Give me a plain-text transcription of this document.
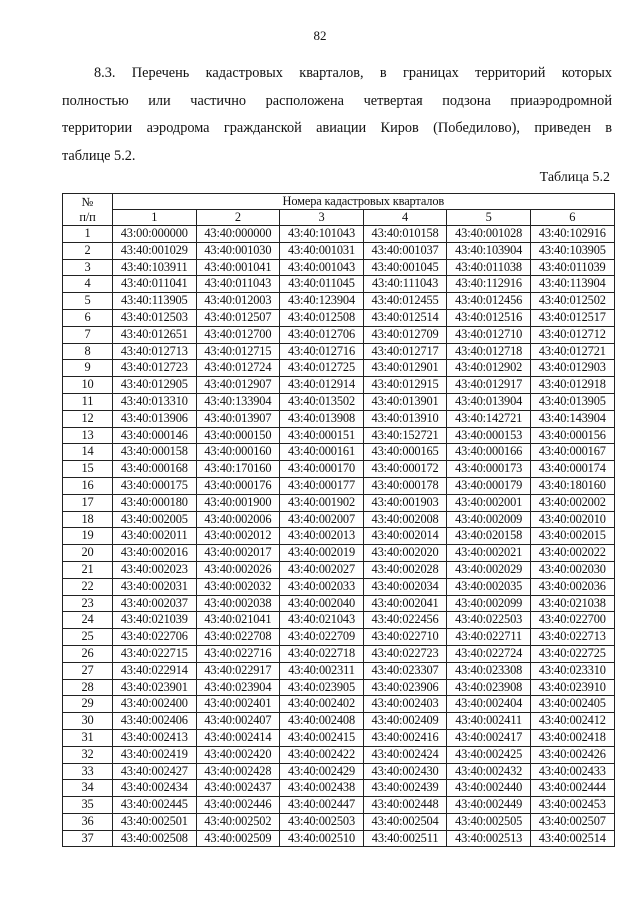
82
8.3. Перечень кадастровых кварталов, в границах территорий которых
полностью или частично расположена четвертая подзона приаэродромной
территории аэродрома гражданской авиации Киров (Победилово), приведен в
таблице 5.2.
Таблица 5.2
№
п/п	Номера кадастровых кварталов					
	1	2	3	4	5	6
1	43:00:000000	43:40:000000	43:40:101043	43:40:010158	43:40:001028	43:40:102916
2	43:40:001029	43:40:001030	43:40:001031	43:40:001037	43:40:103904	43:40:103905
3	43:40:103911	43:40:001041	43:40:001043	43:40:001045	43:40:011038	43:40:011039
4	43:40:011041	43:40:011043	43:40:011045	43:40:111043	43:40:112916	43:40:113904
5	43:40:113905	43:40:012003	43:40:123904	43:40:012455	43:40:012456	43:40:012502
6	43:40:012503	43:40:012507	43:40:012508	43:40:012514	43:40:012516	43:40:012517
7	43:40:012651	43:40:012700	43:40:012706	43:40:012709	43:40:012710	43:40:012712
8	43:40:012713	43:40:012715	43:40:012716	43:40:012717	43:40:012718	43:40:012721
9	43:40:012723	43:40:012724	43:40:012725	43:40:012901	43:40:012902	43:40:012903
10	43:40:012905	43:40:012907	43:40:012914	43:40:012915	43:40:012917	43:40:012918
11	43:40:013310	43:40:133904	43:40:013502	43:40:013901	43:40:013904	43:40:013905
12	43:40:013906	43:40:013907	43:40:013908	43:40:013910	43:40:142721	43:40:143904
13	43:40:000146	43:40:000150	43:40:000151	43:40:152721	43:40:000153	43:40:000156
14	43:40:000158	43:40:000160	43:40:000161	43:40:000165	43:40:000166	43:40:000167
15	43:40:000168	43:40:170160	43:40:000170	43:40:000172	43:40:000173	43:40:000174
16	43:40:000175	43:40:000176	43:40:000177	43:40:000178	43:40:000179	43:40:180160
17	43:40:000180	43:40:001900	43:40:001902	43:40:001903	43:40:002001	43:40:002002
18	43:40:002005	43:40:002006	43:40:002007	43:40:002008	43:40:002009	43:40:002010
19	43:40:002011	43:40:002012	43:40:002013	43:40:002014	43:40:020158	43:40:002015
20	43:40:002016	43:40:002017	43:40:002019	43:40:002020	43:40:002021	43:40:002022
21	43:40:002023	43:40:002026	43:40:002027	43:40:002028	43:40:002029	43:40:002030
22	43:40:002031	43:40:002032	43:40:002033	43:40:002034	43:40:002035	43:40:002036
23	43:40:002037	43:40:002038	43:40:002040	43:40:002041	43:40:002099	43:40:021038
24	43:40:021039	43:40:021041	43:40:021043	43:40:022456	43:40:022503	43:40:022700
25	43:40:022706	43:40:022708	43:40:022709	43:40:022710	43:40:022711	43:40:022713
26	43:40:022715	43:40:022716	43:40:022718	43:40:022723	43:40:022724	43:40:022725
27	43:40:022914	43:40:022917	43:40:002311	43:40:023307	43:40:023308	43:40:023310
28	43:40:023901	43:40:023904	43:40:023905	43:40:023906	43:40:023908	43:40:023910
29	43:40:002400	43:40:002401	43:40:002402	43:40:002403	43:40:002404	43:40:002405
30	43:40:002406	43:40:002407	43:40:002408	43:40:002409	43:40:002411	43:40:002412
31	43:40:002413	43:40:002414	43:40:002415	43:40:002416	43:40:002417	43:40:002418
32	43:40:002419	43:40:002420	43:40:002422	43:40:002424	43:40:002425	43:40:002426
33	43:40:002427	43:40:002428	43:40:002429	43:40:002430	43:40:002432	43:40:002433
34	43:40:002434	43:40:002437	43:40:002438	43:40:002439	43:40:002440	43:40:002444
35	43:40:002445	43:40:002446	43:40:002447	43:40:002448	43:40:002449	43:40:002453
36	43:40:002501	43:40:002502	43:40:002503	43:40:002504	43:40:002505	43:40:002507
37	43:40:002508	43:40:002509	43:40:002510	43:40:002511	43:40:002513	43:40:002514
